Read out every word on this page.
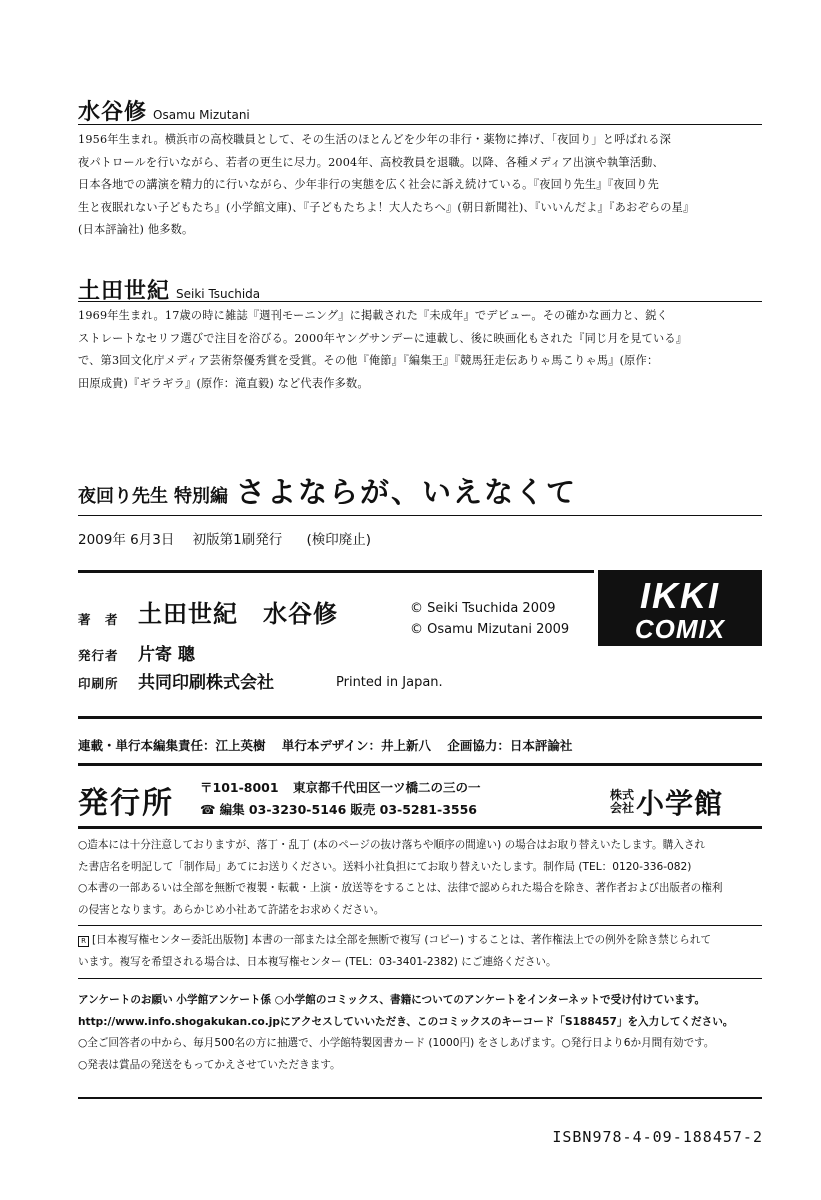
水谷修 Osamu Mizutani
1956年生まれ。横浜市の高校職員として、その生活のほとんどを少年の非行・薬物に捧げ、「夜回り」と呼ばれる深
夜パトロールを行いながら、若者の更生に尽力。2004年、高校教員を退職。以降、各種メディア出演や執筆活動、
日本各地での講演を精力的に行いながら、少年非行の実態を広く社会に訴え続けている。『夜回り先生』『夜回り先
生と夜眠れない子どもたち』(小学館文庫)、『子どもたちよ！大人たちへ』(朝日新聞社)、『いいんだよ』『あおぞらの星』
(日本評論社) 他多数。
土田世紀 Seiki Tsuchida
1969年生まれ。17歳の時に雑誌『週刊モーニング』に掲載された『未成年』でデビュー。その確かな画力と、鋭く
ストレートなセリフ選びで注目を浴びる。2000年ヤングサンデーに連載し、後に映画化もされた『同じ月を見ている』
で、第3回文化庁メディア芸術祭優秀賞を受賞。その他『俺節』『編集王』『競馬狂走伝ありゃ馬こりゃ馬』(原作：
田原成貴)『ギラギラ』(原作：滝直毅) など代表作多数。
夜回り先生 特別編 さよならが、いえなくて
2009年 6月3日 初版第1刷発行 (検印廃止)
著　者 土田世紀　水谷修	© Seiki Tsuchida 2009
© Osamu Mizutani 2009
発行者 片寄 聰
印刷所 共同印刷株式会社	Printed in Japan.
IKKI
COMIX
連載・単行本編集責任：江上英樹 単行本デザイン：井上新八 企画協力：日本評論社
発行所 〒101-8001 東京都千代田区一ツ橋二の三の一
☎ 編集 03-3230-5146 販売 03-5281-3556
株式
会社小学館
○造本には十分注意しておりますが、落丁・乱丁 (本のページの抜け落ちや順序の間違い) の場合はお取り替えいたします。購入され
た書店名を明記して「制作局」あてにお送りください。送料小社負担にてお取り替えいたします。制作局 (TEL：0120-336-082)
○本書の一部あるいは全部を無断で複製・転載・上演・放送等をすることは、法律で認められた場合を除き、著作者および出版者の権利
の侵害となります。あらかじめ小社あて許諾をお求めください。
R [日本複写権センター委託出版物] 本書の一部または全部を無断で複写 (コピー) することは、著作権法上での例外を除き禁じられて
います。複写を希望される場合は、日本複写権センター (TEL：03-3401-2382) にご連絡ください。
アンケートのお願い 小学館アンケート係 ○小学館のコミックス、書籍についてのアンケートをインターネットで受け付けています。
http://www.info.shogakukan.co.jpにアクセスしていいただき、このコミックスのキーコード「S188457」を入力してください。
○全ご回答者の中から、毎月500名の方に抽選で、小学館特製図書カード (1000円) をさしあげます。○発行日より6か月間有効です。
○発表は賞品の発送をもってかえさせていただきます。
ISBN978-4-09-188457-2
